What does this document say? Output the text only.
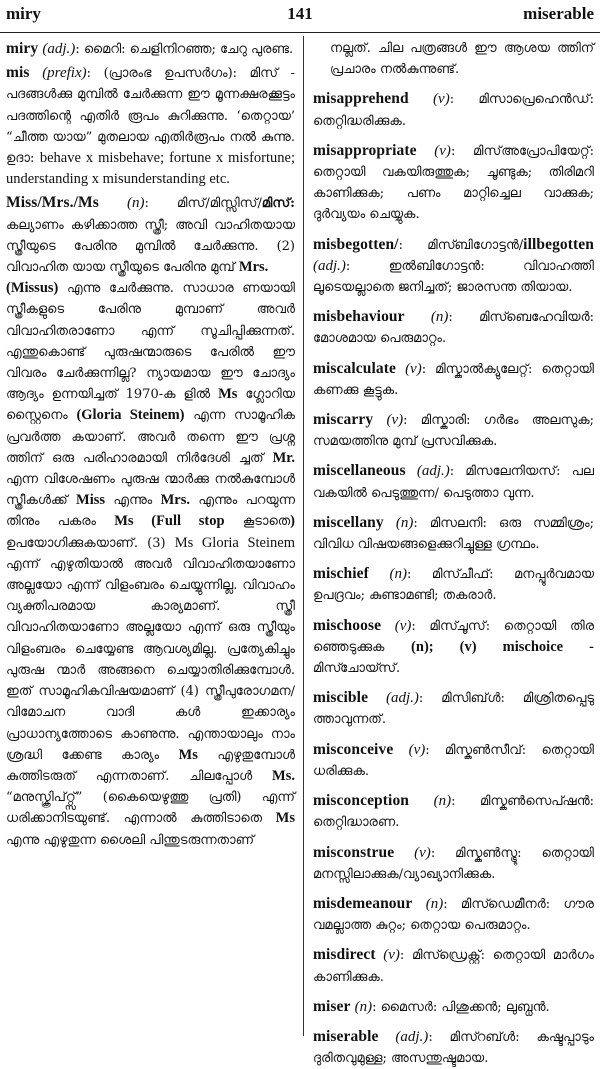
miry	141	miserable
miry (adj.): മൈറി: ചെളിനിറഞ്ഞ; ചേറു പുരണ്ട.
mis (prefix): (പ്രാരംഭ ഉപസർഗം): മിസ് - പദങ്ങൾക്കു മുമ്പിൽ ചേർക്കുന്ന ഈ മൂന്നക്ഷരക്കൂട്ടം പദത്തിന്റെ എതിർ രൂപം കുറിക്കുന്നു. ‘തെറ്റായ’ “ചീത്ത യായ” മുതലായ എതിർരൂപം നൽ കുന്നു. ഉദാ: behave x misbehave; fortune x misfortune; understanding x misunderstanding etc.
Miss/Mrs./Ms (n): മിസ്/മിസ്സിസ്/മിസ്: കല്യാണം കഴിക്കാത്ത സ്ത്രീ; അവി വാഹിതയായ സ്ത്രീയുടെ പേരിനു മുമ്പിൽ ചേർക്കുന്നു. (2) വിവാഹിത യായ സ്ത്രീയുടെ പേരിനു മുമ്പ് Mrs.
(Missus) എന്നു ചേർക്കുന്നു. സാധാര ണയായി സ്ത്രീകളുടെ പേരിനു മുമ്പാണ് അവർ വിവാഹിതരാണോ എന്ന് സൂചിപ്പിക്കുന്നത്. എന്തുകൊണ്ട് പുരുഷന്മാരുടെ പേരിൽ ഈ വിവരം ചേർക്കുന്നില്ല? ന്യായമായ ഈ ചോദ്യം ആദ്യം ഉന്നയിച്ചത് 1970-ക ളിൽ Ms ഗ്ലോറിയ സ്റ്റൈനെം (Gloria Steinem) എന്ന സാമൂഹിക പ്രവർത്ത കയാണ്. അവർ തന്നെ ഈ പ്രശ്ന ത്തിന് ഒരു പരിഹാരമായി നിർദേശി ച്ചത് Mr. എന്ന വിശേഷണം പുരുഷ ന്മാർക്കു നൽകുമ്പോൾ സ്ത്രീകൾക്ക് Miss എന്നും Mrs. എന്നും പറയുന്ന തിനും പകരം Ms (Full stop കൂടാതെ) ഉപയോഗിക്കുകയാണ്. (3) Ms Gloria Steinem എന്ന് എഴുതിയാൽ അവർ വിവാഹിതയാണോ അല്ലയോ എന്ന് വിളംബരം ചെയ്യുന്നില്ല. വിവാഹം വ്യക്തിപരമായ കാര്യമാണ്. സ്ത്രീ വിവാഹിതയാണോ അല്ലയോ എന്ന് ഒരു സ്ത്രീയും വിളംബരം ചെയ്യേണ്ട ആവശ്യമില്ല. പ്രത്യേകിച്ചും പുരുഷ ന്മാർ അങ്ങനെ ചെയ്യാതിരിക്കുമ്പോൾ. ഇത് സാമൂഹികവിഷയമാണ് (4) സ്ത്രീപുരോഗമന/വിമോചന വാദി കൾ ഇക്കാര്യം പ്രാധാന്യത്തോടെ കാണുന്നു. എന്തായാലും നാം ശ്രദ്ധി ക്കേണ്ട കാര്യം Ms എഴുതുമ്പോൾ കുത്തിടരുത് എന്നതാണ്. ചിലപ്പോൾ Ms. “മനുസ്ക്രിപ്റ്റ്സ്” (കൈയെഴുത്തു പ്രതി) എന്ന് ധരിക്കാനിടയുണ്ട്. എന്നാൽ കുത്തിടാതെ Ms എന്നു എഴുതുന്ന ശൈലി പിന്തുടരുന്നതാണ്
നല്ലത്. ചില പത്രങ്ങൾ ഈ ആശയ ത്തിന് പ്രചാരം നൽകുന്നുണ്ട്.
misapprehend (v): മിസാപ്രെഹെൻഡ്: തെറ്റിദ്ധരിക്കുക.
misappropriate (v): മിസ്അപ്രോപിയേറ്റ്: തെറ്റായി വകയിരുത്തുക; ചൂണ്ടുക; തിരിമറി കാണിക്കുക; പണം മാറ്റിച്ചെല വാക്കുക; ദുർവ്യയം ചെയ്യുക.
misbegotten/: മിസ്ബിഗോട്ടൻ/illbegotten (adj.): ഇൽബിഗോട്ടൻ: വിവാഹത്തി ലൂടെയല്ലാതെ ജനിച്ചത്; ജാരസന്ത തിയായ.
misbehaviour (n): മിസ്ബെഹേവിയർ: മോശമായ പെരുമാറ്റം.
miscalculate (v): മിസ്കാൽക്യുലേറ്റ്: തെറ്റായി കണക്കു കൂട്ടുക.
miscarry (v): മിസ്കാരി: ഗർഭം അലസുക; സമയത്തിനു മുമ്പ് പ്രസവിക്കുക.
miscellaneous (adj.): മിസലേനിയസ്: പല വകയിൽ പെടുത്തുന്ന/ പെടുത്താ വുന്ന.
miscellany (n): മിസലനി: ഒരു സമ്മിശ്രം; വിവിധ വിഷയങ്ങളെക്കുറിച്ചുള്ള ഗ്രന്ഥം.
mischief (n): മിസ്ചീഫ്: മനപ്പൂർവമായ ഉപദ്രവം; കുണ്ടാമണ്ടി; തകരാർ.
mischoose (v): മിസ്ചൂസ്: തെറ്റായി തിര ഞ്ഞെടുക്കുക (n); (v) mischoice - മിസ്ചോയ്സ്.
miscible (adj.): മിസിബ്ൾ: മിശ്രിതപ്പെടു ത്താവുന്നത്.
misconceive (v): മിസ്കൺസീവ്: തെറ്റായി ധരിക്കുക.
misconception (n): മിസ്കൺസെപ്ഷൻ: തെറ്റിദ്ധാരണ.
misconstrue (v): മിസ്കൺസ്ട്രൂ: തെറ്റായി മനസ്സിലാക്കുക/വ്യാഖ്യാനിക്കുക.
misdemeanour (n): മിസ്ഡെമീനർ: ഗൗര വമല്ലാത്ത കുറ്റം; തെറ്റായ പെരുമാറ്റം.
misdirect (v): മിസ്ഡ്രെക്റ്റ്: തെറ്റായി മാർഗം കാണിക്കുക.
miser (n): മൈസർ: പിശുക്കൻ; ലുബ്ധൻ.
miserable (adj.): മിസ്റബ്ൾ: കഷ്ടപ്പാടും ദുരിതവുമുള്ള; അസന്തുഷ്ടമായ.
